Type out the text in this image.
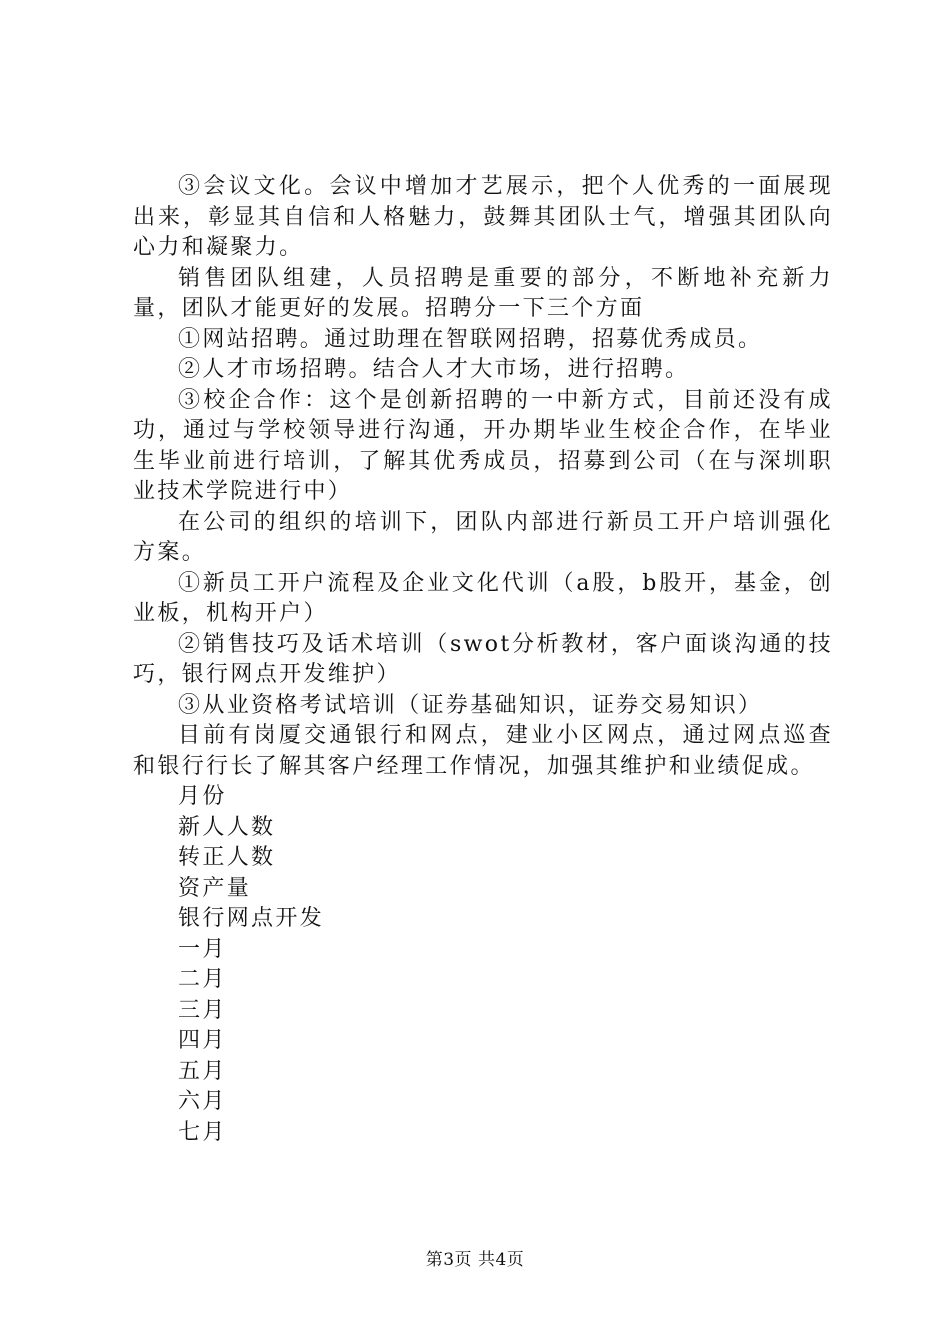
③会议文化。会议中增加才艺展示，把个人优秀的一面展现出来，彰显其自信和人格魅力，鼓舞其团队士气，增强其团队向心力和凝聚力。

销售团队组建，人员招聘是重要的部分，不断地补充新力量，团队才能更好的发展。招聘分一下三个方面

①网站招聘。通过助理在智联网招聘，招募优秀成员。

②人才市场招聘。结合人才大市场，进行招聘。

③校企合作：这个是创新招聘的一中新方式，目前还没有成功，通过与学校领导进行沟通，开办期毕业生校企合作，在毕业生毕业前进行培训，了解其优秀成员，招募到公司（在与深圳职业技术学院进行中）

在公司的组织的培训下，团队内部进行新员工开户培训强化方案。

①新员工开户流程及企业文化代训（a股，b股开，基金，创业板，机构开户）

②销售技巧及话术培训（swot分析教材，客户面谈沟通的技巧，银行网点开发维护）

③从业资格考试培训（证券基础知识，证券交易知识）

目前有岗厦交通银行和网点，建业小区网点，通过网点巡查和银行行长了解其客户经理工作情况，加强其维护和业绩促成。

月份

新人人数

转正人数

资产量

银行网点开发

一月

二月

三月

四月

五月

六月

七月

第3页 共4页
